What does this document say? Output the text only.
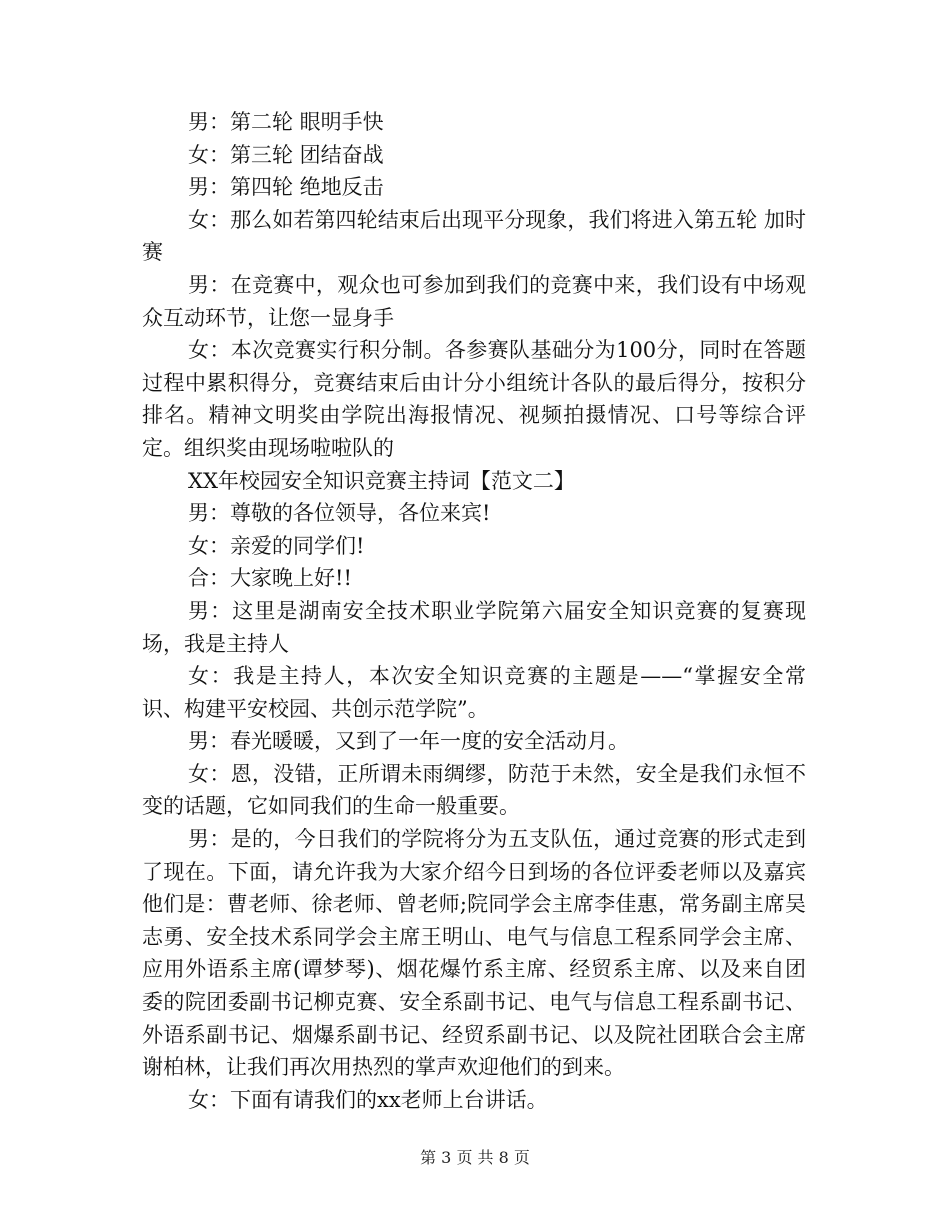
男：第二轮 眼明手快

女：第三轮 团结奋战

男：第四轮 绝地反击

女：那么如若第四轮结束后出现平分现象，我们将进入第五轮 加时赛

男：在竞赛中，观众也可参加到我们的竞赛中来，我们设有中场观众互动环节，让您一显身手

女：本次竞赛实行积分制。各参赛队基础分为100分，同时在答题过程中累积得分，竞赛结束后由计分小组统计各队的最后得分，按积分排名。精神文明奖由学院出海报情况、视频拍摄情况、口号等综合评定。组织奖由现场啦啦队的

XX年校园安全知识竞赛主持词【范文二】

男：尊敬的各位领导，各位来宾!

女：亲爱的同学们!

合：大家晚上好!!

男：这里是湖南安全技术职业学院第六届安全知识竞赛的复赛现场，我是主持人

女：我是主持人，本次安全知识竞赛的主题是——“掌握安全常识、构建平安校园、共创示范学院”。

男：春光暖暖，又到了一年一度的安全活动月。

女：恩，没错，正所谓未雨绸缪，防范于未然，安全是我们永恒不变的话题，它如同我们的生命一般重要。

男：是的，今日我们的学院将分为五支队伍，通过竞赛的形式走到了现在。下面，请允许我为大家介绍今日到场的各位评委老师以及嘉宾他们是：曹老师、徐老师、曾老师;院同学会主席李佳惠，常务副主席吴志勇、安全技术系同学会主席王明山、电气与信息工程系同学会主席、应用外语系主席(谭梦琴)、烟花爆竹系主席、经贸系主席、以及来自团委的院团委副书记柳克赛、安全系副书记、电气与信息工程系副书记、外语系副书记、烟爆系副书记、经贸系副书记、以及院社团联合会主席谢柏林，让我们再次用热烈的掌声欢迎他们的到来。

女：下面有请我们的xx老师上台讲话。

第 3 页 共 8 页
